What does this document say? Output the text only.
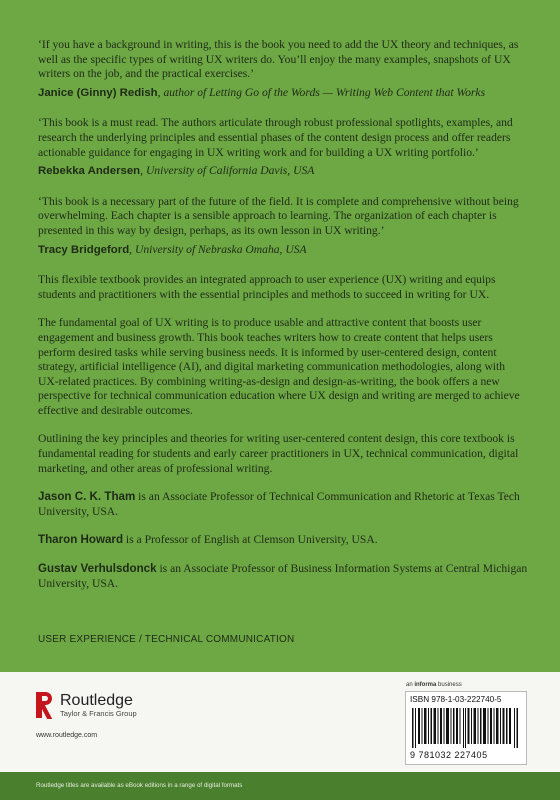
‘If you have a background in writing, this is the book you need to add the UX theory and techniques, as well as the specific types of writing UX writers do. You’ll enjoy the many examples, snapshots of UX writers on the job, and the practical exercises.’

Janice (Ginny) Redish, author of Letting Go of the Words — Writing Web Content that Works

‘This book is a must read. The authors articulate through robust professional spotlights, examples, and research the underlying principles and essential phases of the content design process and offer readers actionable guidance for engaging in UX writing work and for building a UX writing portfolio.’

Rebekka Andersen, University of California Davis, USA

‘This book is a necessary part of the future of the field. It is complete and comprehensive without being overwhelming. Each chapter is a sensible approach to learning. The organization of each chapter is presented in this way by design, perhaps, as its own lesson in UX writing.’

Tracy Bridgeford, University of Nebraska Omaha, USA

This flexible textbook provides an integrated approach to user experience (UX) writing and equips students and practitioners with the essential principles and methods to succeed in writing for UX.

The fundamental goal of UX writing is to produce usable and attractive content that boosts user engagement and business growth. This book teaches writers how to create content that helps users perform desired tasks while serving business needs. It is informed by user-centered design, content strategy, artificial intelligence (AI), and digital marketing communication methodologies, along with UX-related practices. By combining writing-as-design and design-as-writing, the book offers a new perspective for technical communication education where UX design and writing are merged to achieve effective and desirable outcomes.

Outlining the key principles and theories for writing user-centered content design, this core textbook is fundamental reading for students and early career practitioners in UX, technical communication, digital marketing, and other areas of professional writing.

Jason C. K. Tham is an Associate Professor of Technical Communication and Rhetoric at Texas Tech University, USA.

Tharon Howard is a Professor of English at Clemson University, USA.

Gustav Verhulsdonck is an Associate Professor of Business Information Systems at Central Michigan University, USA.

USER EXPERIENCE / TECHNICAL COMMUNICATION
Routledge
Taylor & Francis Group
www.routledge.com
an informa business
ISBN 978-1-03-222740-5
9 781032 227405
Routledge titles are available as eBook editions in a range of digital formats
